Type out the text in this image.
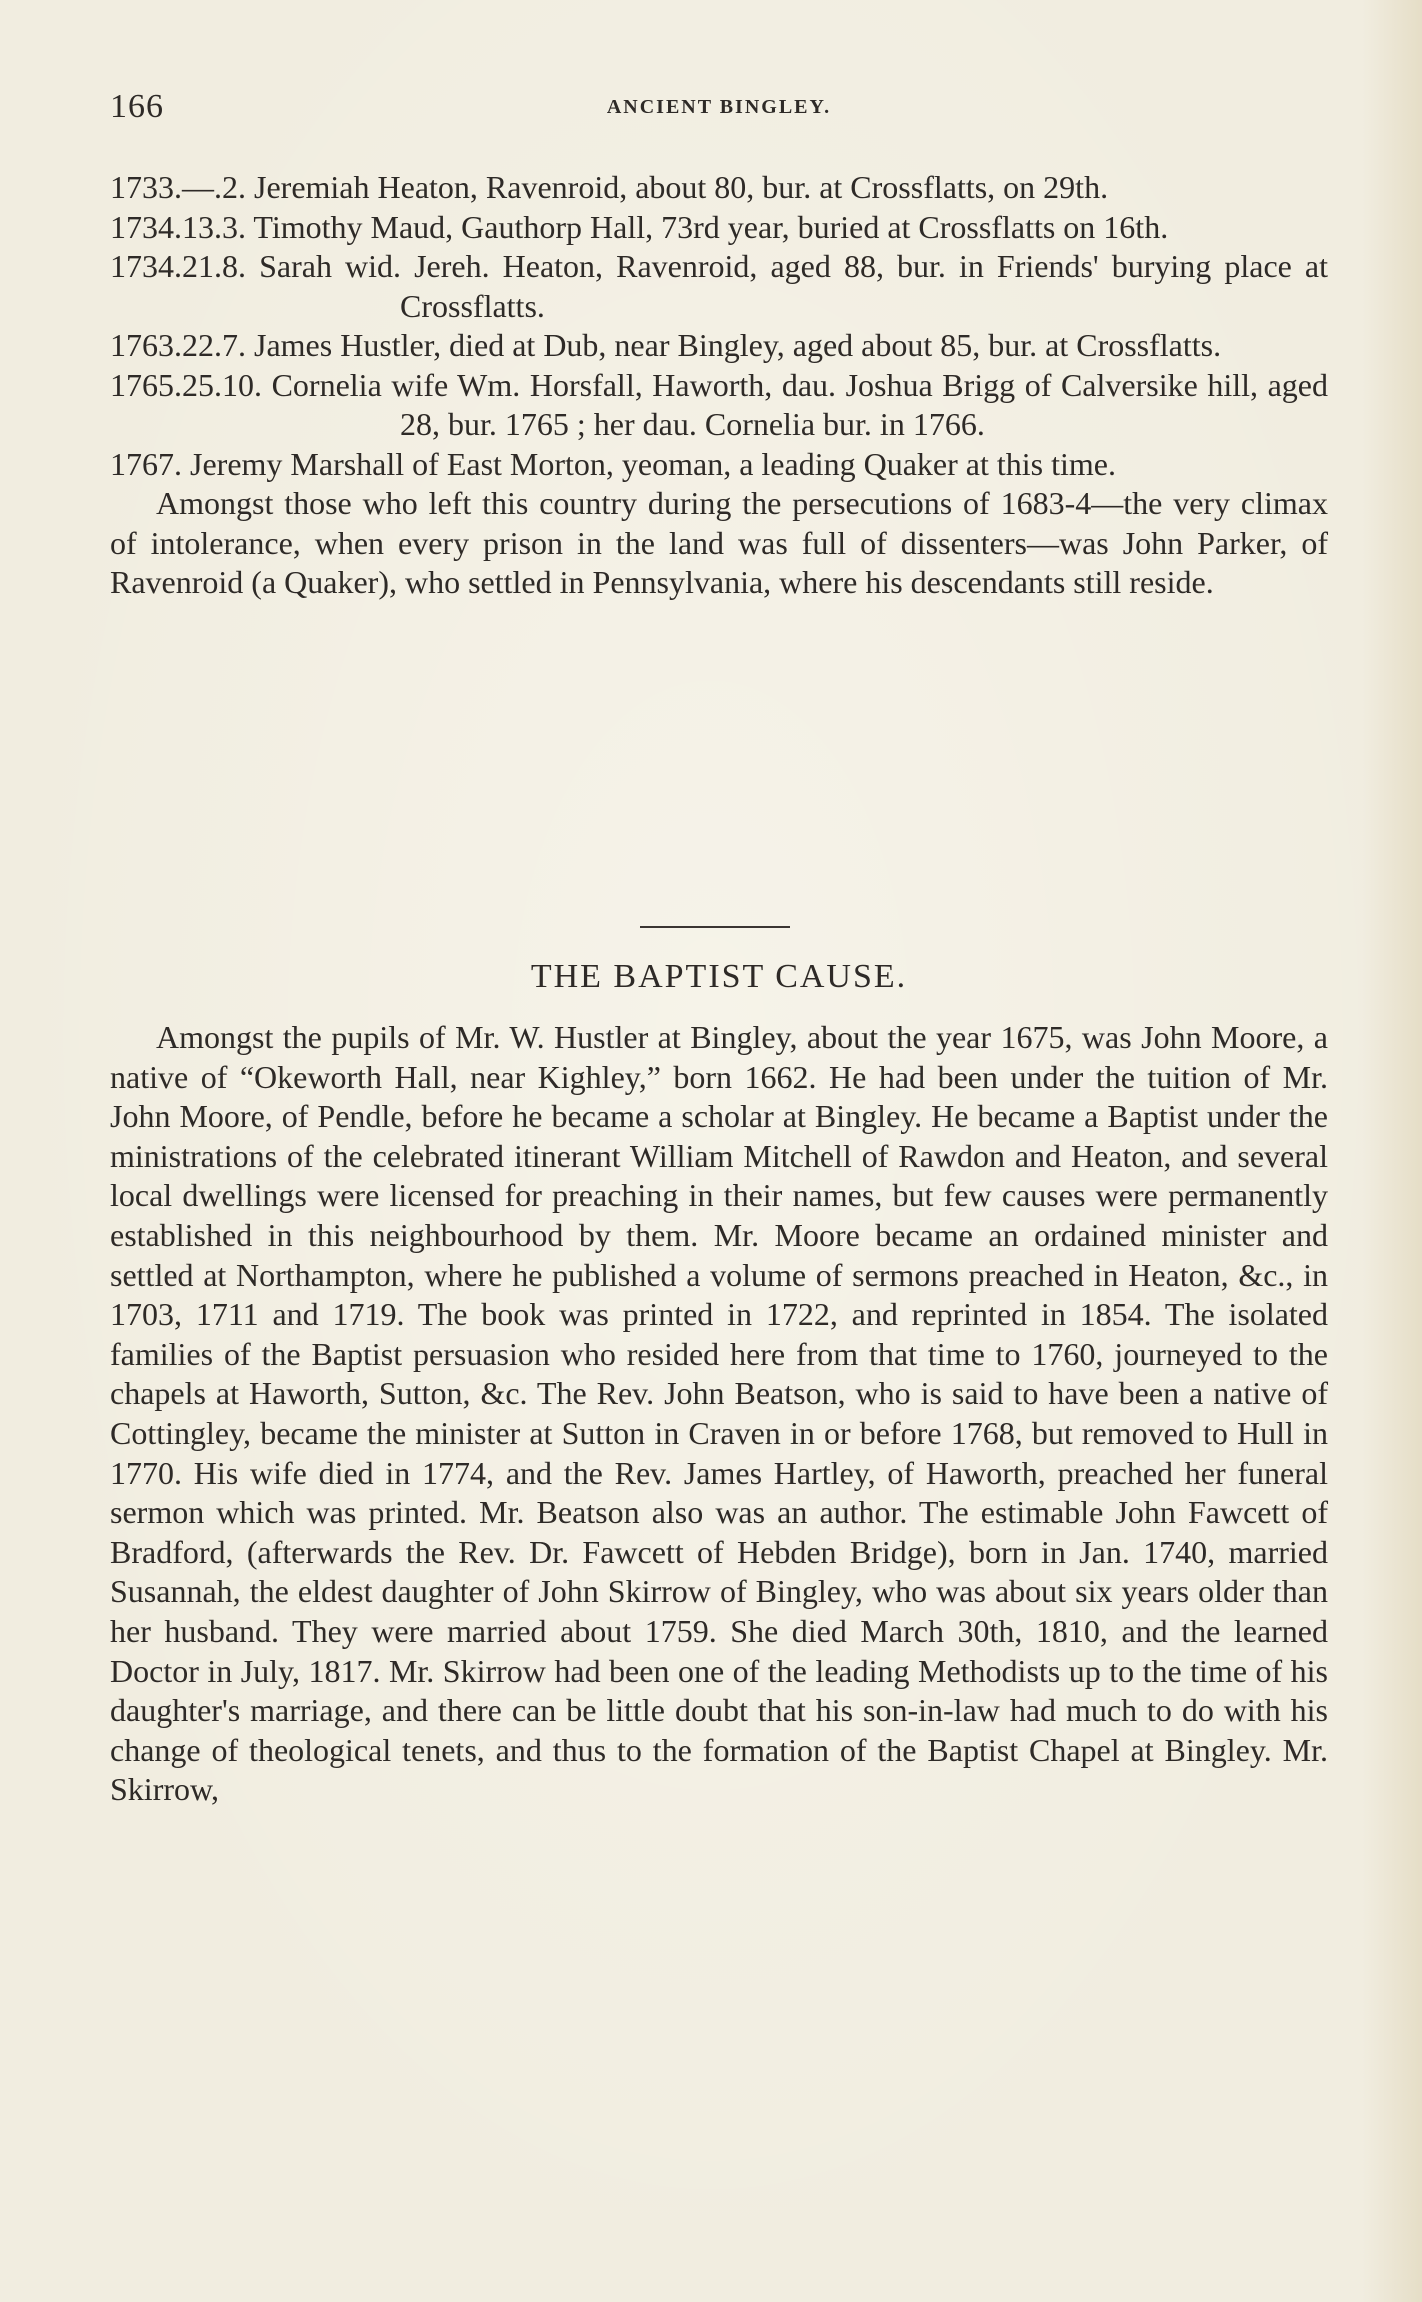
166	ANCIENT BINGLEY.

1733.—.2. Jeremiah Heaton, Ravenroid, about 80, bur. at Crossflatts, on 29th.

1734.13.3. Timothy Maud, Gauthorp Hall, 73rd year, buried at Crossflatts on 16th.

1734.21.8. Sarah wid. Jereh. Heaton, Ravenroid, aged 88, bur. in Friends' burying place at Crossflatts.

1763.22.7. James Hustler, died at Dub, near Bingley, aged about 85, bur. at Crossflatts.

1765.25.10. Cornelia wife Wm. Horsfall, Haworth, dau. Joshua Brigg of Calversike hill, aged 28, bur. 1765 ; her dau. Cornelia bur. in 1766.

1767. Jeremy Marshall of East Morton, yeoman, a leading Quaker at this time.

Amongst those who left this country during the persecutions of 1683-4—the very climax of intolerance, when every prison in the land was full of dissenters—was John Parker, of Ravenroid (a Quaker), who settled in Pennsylvania, where his descendants still reside.

THE BAPTIST CAUSE.

Amongst the pupils of Mr. W. Hustler at Bingley, about the year 1675, was John Moore, a native of “Okeworth Hall, near Kighley,” born 1662. He had been under the tuition of Mr. John Moore, of Pendle, before he became a scholar at Bingley. He became a Baptist under the ministrations of the celebrated itinerant William Mitchell of Rawdon and Heaton, and several local dwellings were licensed for preaching in their names, but few causes were permanently established in this neighbourhood by them. Mr. Moore became an ordained minister and settled at Northampton, where he published a volume of sermons preached in Heaton, &c., in 1703, 1711 and 1719. The book was printed in 1722, and reprinted in 1854. The isolated families of the Baptist persuasion who resided here from that time to 1760, journeyed to the chapels at Haworth, Sutton, &c. The Rev. John Beatson, who is said to have been a native of Cottingley, became the minister at Sutton in Craven in or before 1768, but removed to Hull in 1770. His wife died in 1774, and the Rev. James Hartley, of Haworth, preached her funeral sermon which was printed. Mr. Beatson also was an author. The estimable John Fawcett of Bradford, (afterwards the Rev. Dr. Fawcett of Hebden Bridge), born in Jan. 1740, married Susannah, the eldest daughter of John Skirrow of Bingley, who was about six years older than her husband. They were married about 1759. She died March 30th, 1810, and the learned Doctor in July, 1817. Mr. Skirrow had been one of the leading Methodists up to the time of his daughter's marriage, and there can be little doubt that his son-in-law had much to do with his change of theological tenets, and thus to the formation of the Baptist Chapel at Bingley. Mr. Skirrow,
